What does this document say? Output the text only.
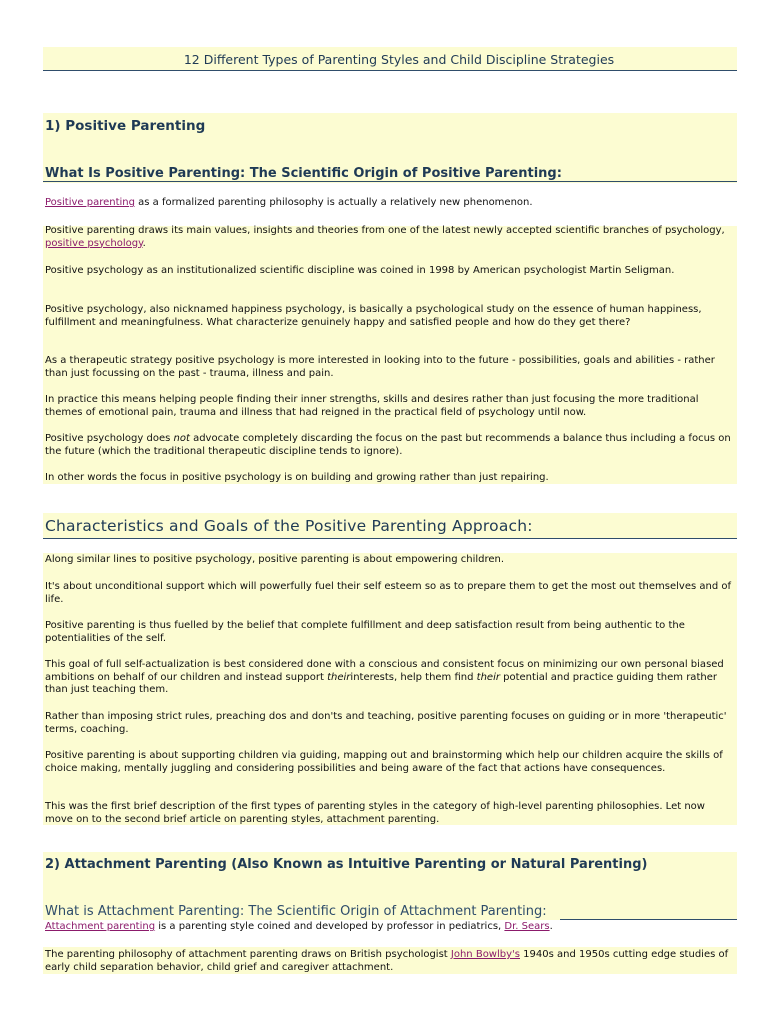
12 Different Types of Parenting Styles and Child Discipline Strategies
1) Positive Parenting
What Is Positive Parenting: The Scientific Origin of Positive Parenting:

Positive parenting as a formalized parenting philosophy is actually a relatively new phenomenon.

Positive parenting draws its main values, insights and theories from one of the latest newly accepted scientific branches of psychology, positive psychology.

Positive psychology as an institutionalized scientific discipline was coined in 1998 by American psychologist Martin Seligman.

Positive psychology, also nicknamed happiness psychology, is basically a psychological study on the essence of human happiness, fulfillment and meaningfulness. What characterize genuinely happy and satisfied people and how do they get there?

As a therapeutic strategy positive psychology is more interested in looking into to the future - possibilities, goals and abilities - rather than just focussing on the past - trauma, illness and pain.

In practice this means helping people finding their inner strengths, skills and desires rather than just focusing the more traditional themes of emotional pain, trauma and illness that had reigned in the practical field of psychology until now.

Positive psychology does not advocate completely discarding the focus on the past but recommends a balance thus including a focus on the future (which the traditional therapeutic discipline tends to ignore).

In other words the focus in positive psychology is on building and growing rather than just repairing.

Characteristics and Goals of the Positive Parenting Approach:

Along similar lines to positive psychology, positive parenting is about empowering children.

It's about unconditional support which will powerfully fuel their self esteem so as to prepare them to get the most out themselves and of life.

Positive parenting is thus fuelled by the belief that complete fulfillment and deep satisfaction result from being authentic to the potentialities of the self.

This goal of full self-actualization is best considered done with a conscious and consistent focus on minimizing our own personal biased ambitions on behalf of our children and instead support theirinterests, help them find their potential and practice guiding them rather than just teaching them.

Rather than imposing strict rules, preaching dos and don'ts and teaching, positive parenting focuses on guiding or in more 'therapeutic' terms, coaching.

Positive parenting is about supporting children via guiding, mapping out and brainstorming which help our children acquire the skills of choice making, mentally juggling and considering possibilities and being aware of the fact that actions have consequences.

This was the first brief description of the first types of parenting styles in the category of high-level parenting philosophies. Let now move on to the second brief article on parenting styles, attachment parenting.

2) Attachment Parenting (Also Known as Intuitive Parenting or Natural Parenting)
What is Attachment Parenting: The Scientific Origin of Attachment Parenting:

Attachment parenting is a parenting style coined and developed by professor in pediatrics, Dr. Sears.

The parenting philosophy of attachment parenting draws on British psychologist John Bowlby's 1940s and 1950s cutting edge studies of early child separation behavior, child grief and caregiver attachment.
